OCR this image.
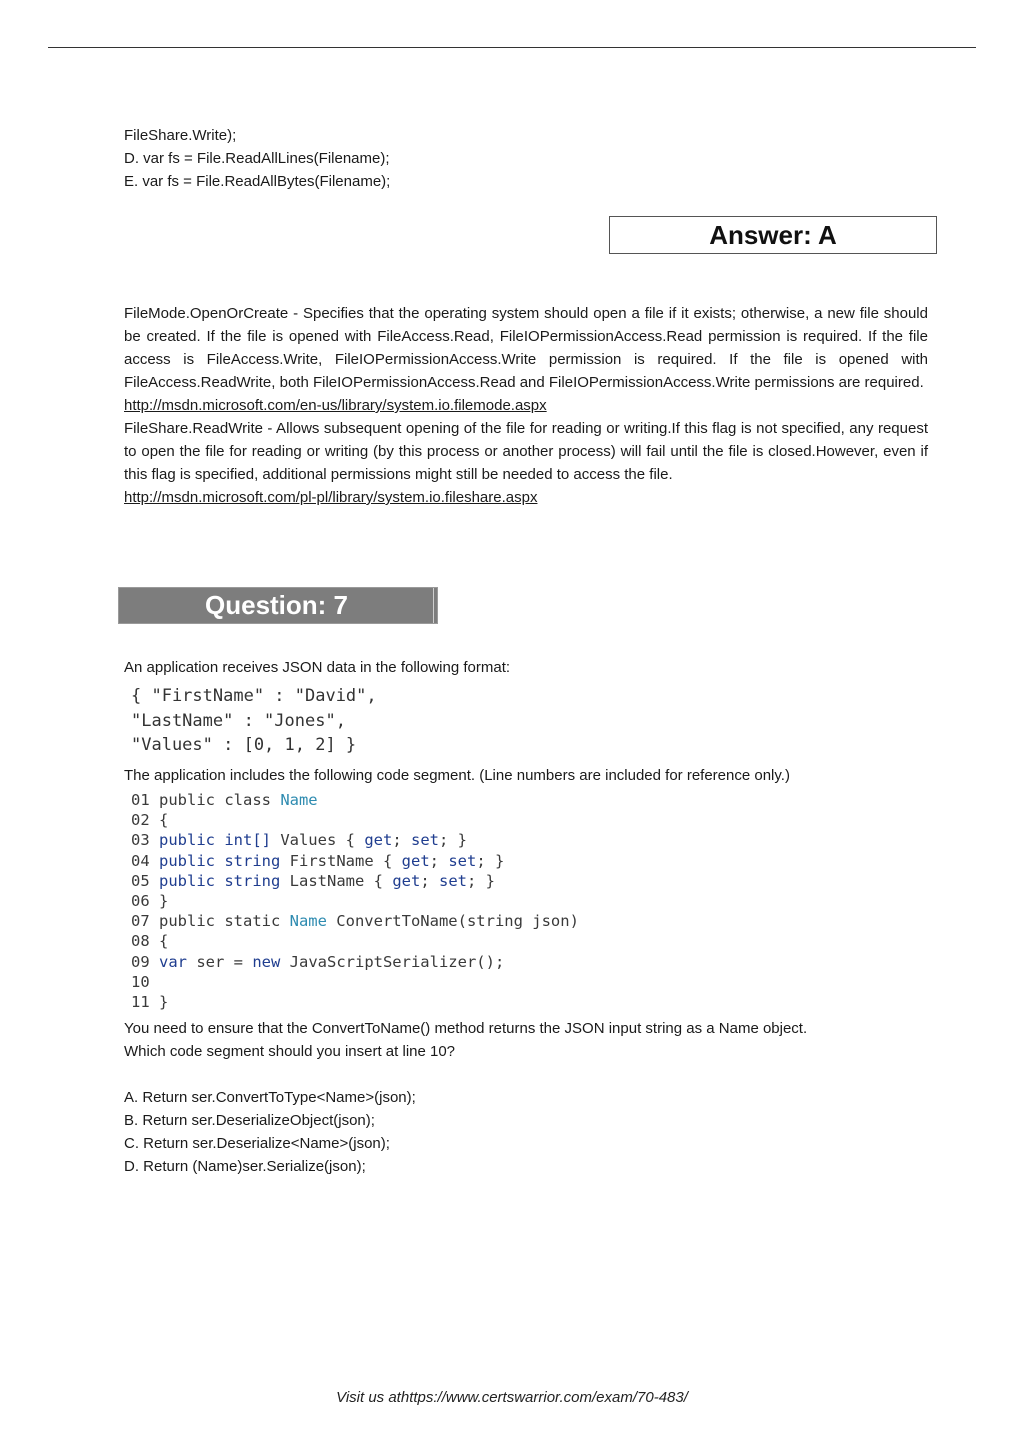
FileShare.Write);
D. var fs = File.ReadAllLines(Filename);
E. var fs = File.ReadAllBytes(Filename);
Answer: A
FileMode.OpenOrCreate - Specifies that the operating system should open a file if it exists; otherwise, a new file should be created. If the file is opened with FileAccess.Read, FileIOPermissionAccess.Read permission is required. If the file access is FileAccess.Write, FileIOPermissionAccess.Write permission is required. If the file is opened with FileAccess.ReadWrite, both FileIOPermissionAccess.Read and FileIOPermissionAccess.Write permissions are required.
http://msdn.microsoft.com/en-us/library/system.io.filemode.aspx
FileShare.ReadWrite - Allows subsequent opening of the file for reading or writing.If this flag is not specified, any request to open the file for reading or writing (by this process or another process) will fail until the file is closed.However, even if this flag is specified, additional permissions might still be needed to access the file.
http://msdn.microsoft.com/pl-pl/library/system.io.fileshare.aspx
Question: 7
An application receives JSON data in the following format:
{ "FirstName" : "David",
"LastName" : "Jones",
"Values" : [0, 1, 2] }
The application includes the following code segment. (Line numbers are included for reference only.)
01 public class Name
02 {
03 public int[] Values { get; set; }
04 public string FirstName { get; set; }
05 public string LastName { get; set; }
06 }
07 public static Name ConvertToName(string json)
08 {
09 var ser = new JavaScriptSerializer();
10
11 }
You need to ensure that the ConvertToName() method returns the JSON input string as a Name object.
Which code segment should you insert at line 10?
A. Return ser.ConvertToType<Name>(json);
B. Return ser.DeserializeObject(json);
C. Return ser.Deserialize<Name>(json);
D. Return (Name)ser.Serialize(json);
Visit us athttps://www.certswarrior.com/exam/70-483/
